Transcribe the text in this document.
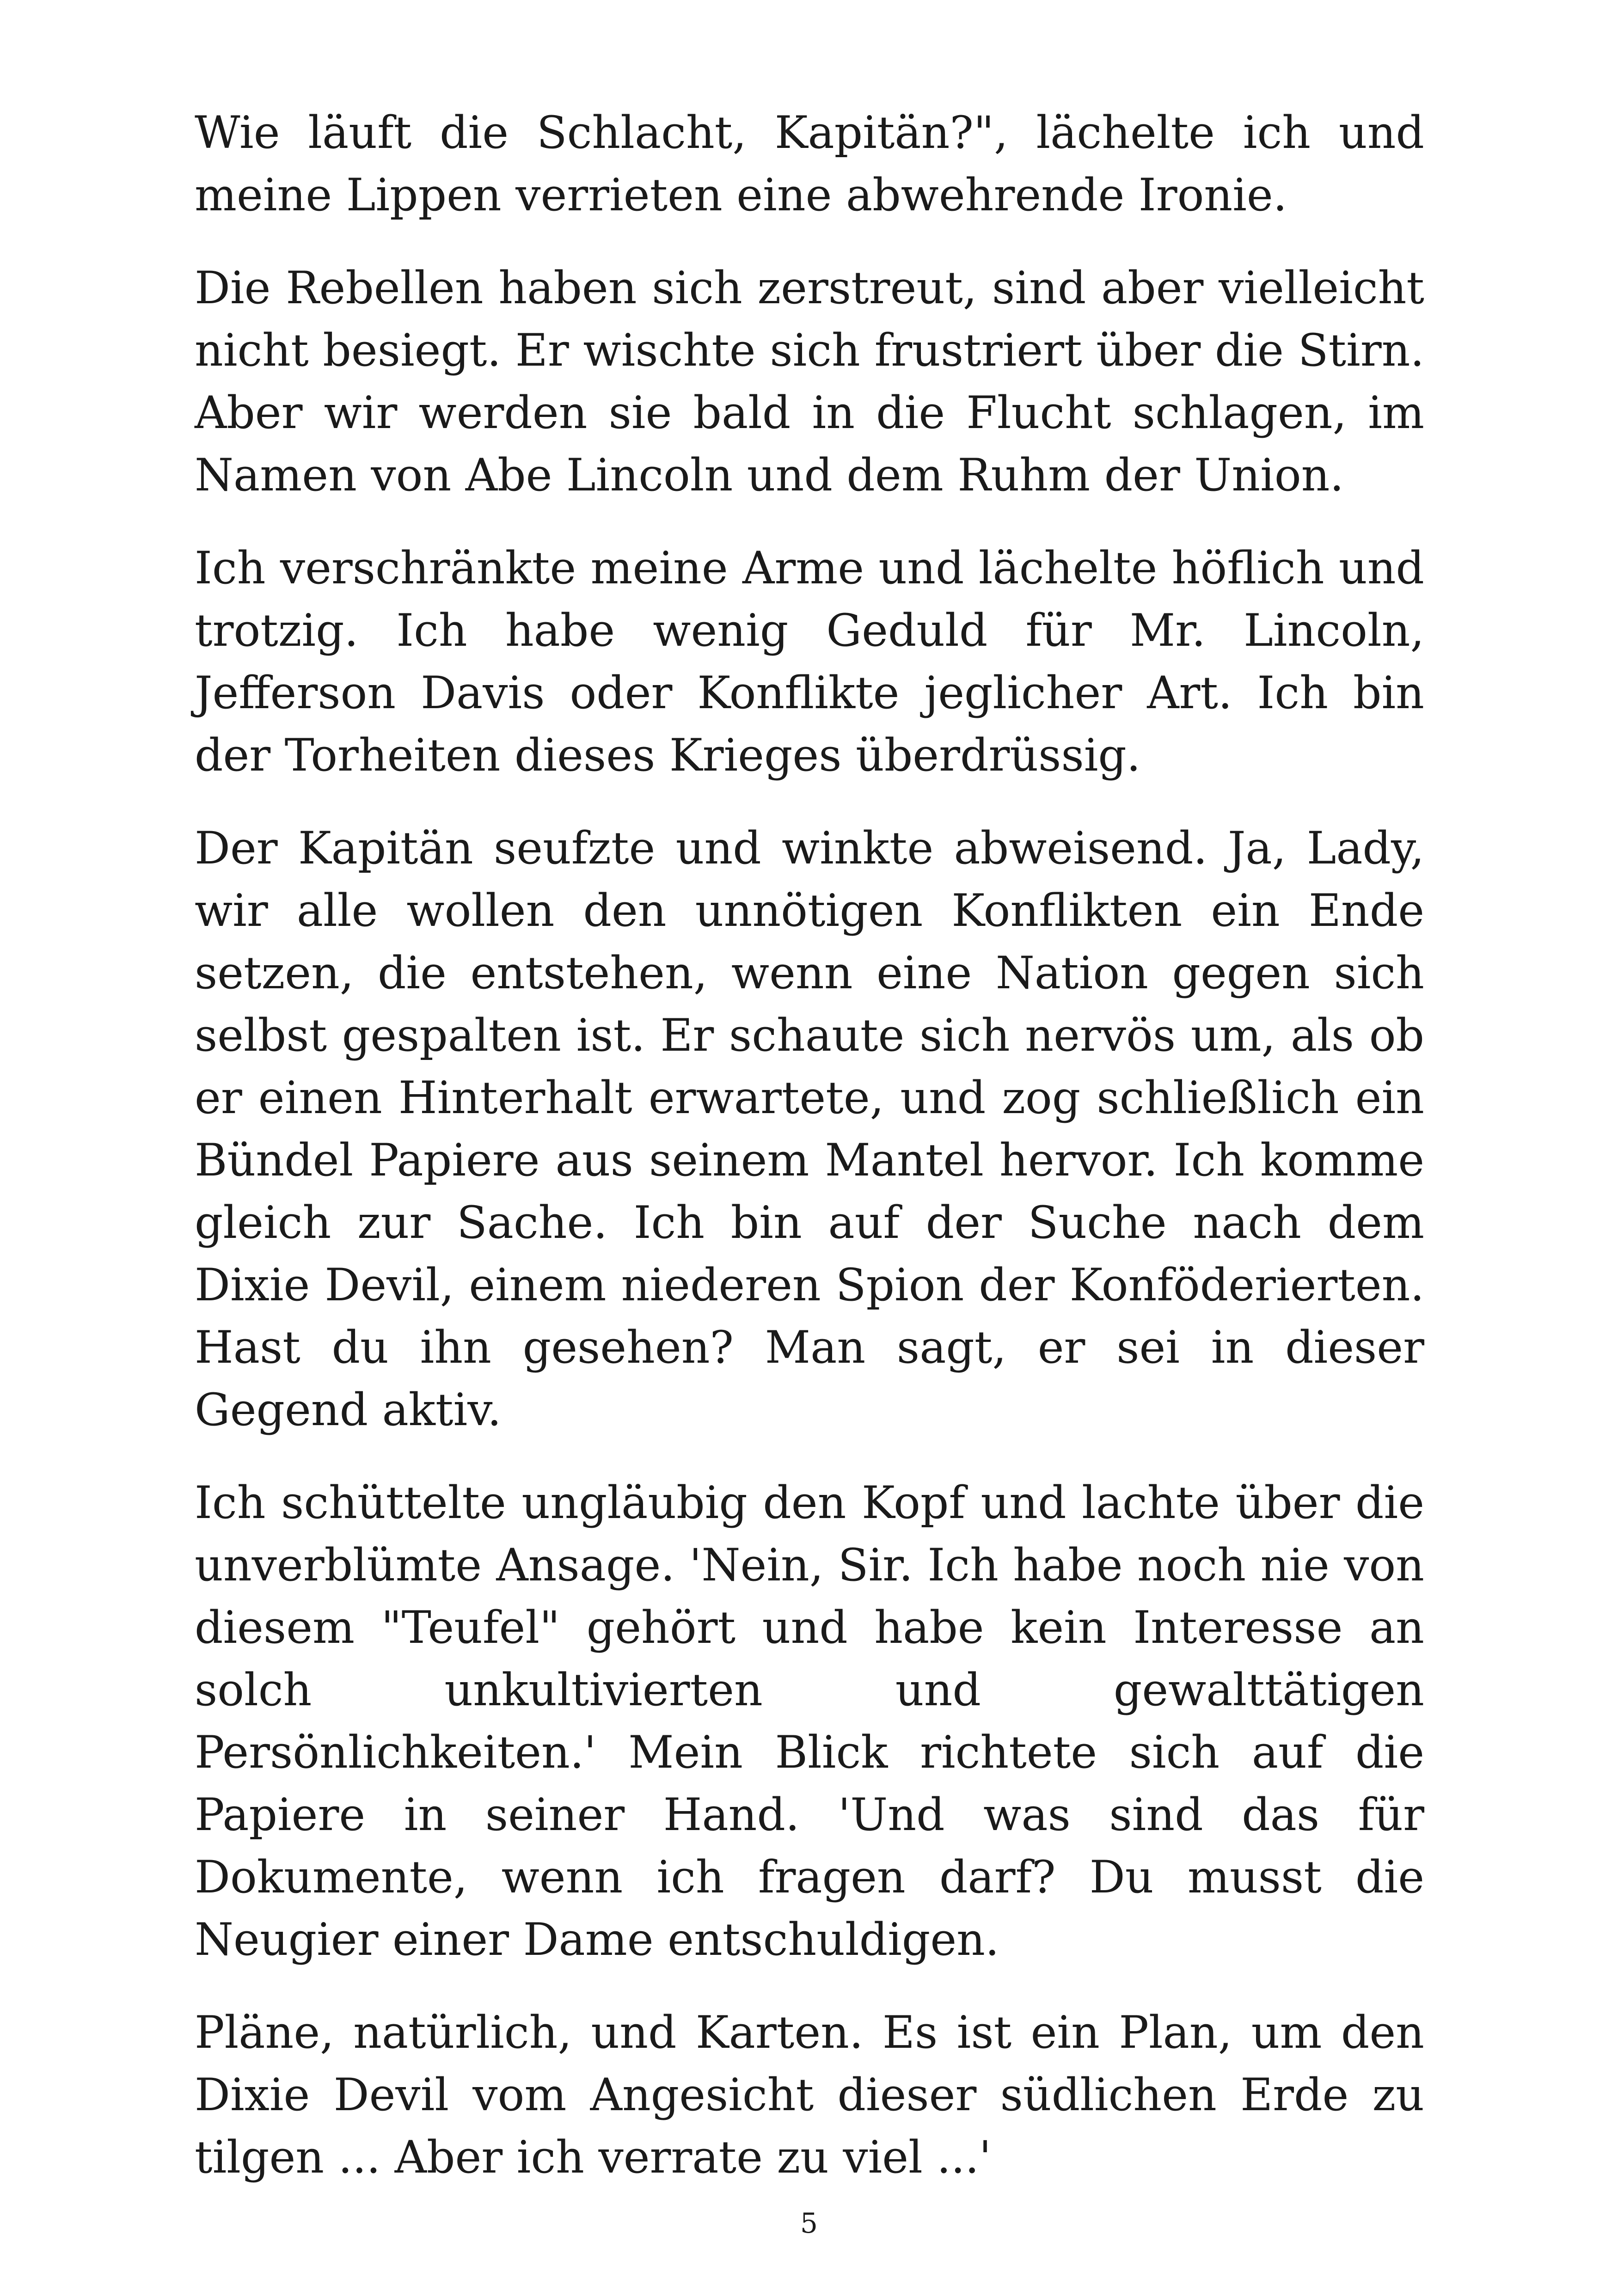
Wie läuft die Schlacht, Kapitän?", lächelte ich und meine Lippen verrieten eine abwehrende Ironie.

Die Rebellen haben sich zerstreut, sind aber vielleicht nicht besiegt. Er wischte sich frustriert über die Stirn. Aber wir werden sie bald in die Flucht schlagen, im Namen von Abe Lincoln und dem Ruhm der Union.

Ich verschränkte meine Arme und lächelte höflich und trotzig. Ich habe wenig Geduld für Mr. Lincoln, Jefferson Davis oder Konflikte jeglicher Art. Ich bin der Torheiten dieses Krieges überdrüssig.

Der Kapitän seufzte und winkte abweisend. Ja, Lady, wir alle wollen den unnötigen Konflikten ein Ende setzen, die entstehen, wenn eine Nation gegen sich selbst gespalten ist. Er schaute sich nervös um, als ob er einen Hinterhalt erwartete, und zog schließlich ein Bündel Papiere aus seinem Mantel hervor. Ich komme gleich zur Sache. Ich bin auf der Suche nach dem Dixie Devil, einem niederen Spion der Konföderierten. Hast du ihn gesehen? Man sagt, er sei in dieser Gegend aktiv.

Ich schüttelte ungläubig den Kopf und lachte über die unverblümte Ansage. 'Nein, Sir. Ich habe noch nie von diesem "Teufel" gehört und habe kein Interesse an solch unkultivierten und gewalttätigen Persönlichkeiten.' Mein Blick richtete sich auf die Papiere in seiner Hand. 'Und was sind das für Dokumente, wenn ich fragen darf? Du musst die Neugier einer Dame entschuldigen.

Pläne, natürlich, und Karten. Es ist ein Plan, um den Dixie Devil vom Angesicht dieser südlichen Erde zu tilgen ... Aber ich verrate zu viel ...'

5
